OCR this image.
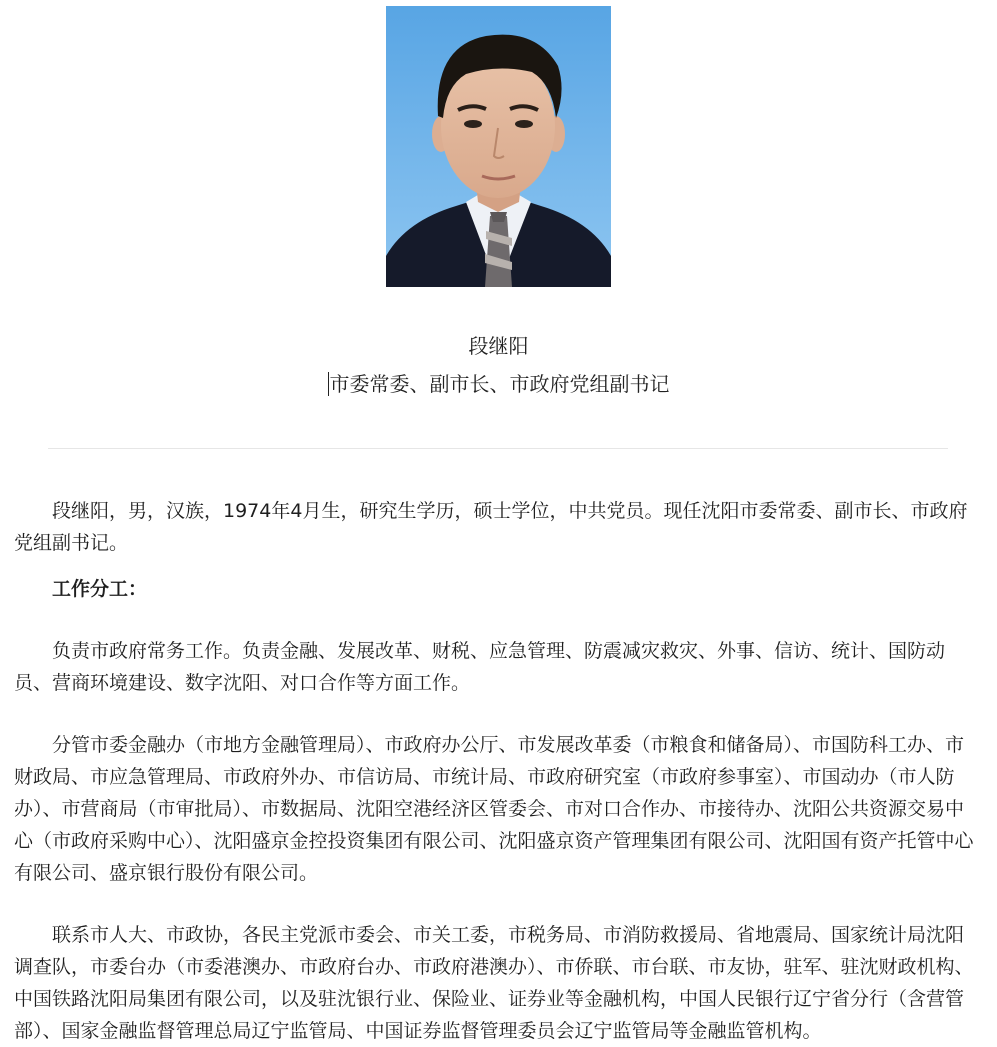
段继阳
市委常委、副市长、市政府党组副书记

段继阳，男，汉族，1974年4月生，研究生学历，硕士学位，中共党员。现任沈阳市委常委、副市长、市政府党组副书记。

工作分工：

负责市政府常务工作。负责金融、发展改革、财税、应急管理、防震减灾救灾、外事、信访、统计、国防动员、营商环境建设、数字沈阳、对口合作等方面工作。

分管市委金融办（市地方金融管理局）、市政府办公厅、市发展改革委（市粮食和储备局）、市国防科工办、市财政局、市应急管理局、市政府外办、市信访局、市统计局、市政府研究室（市政府参事室）、市国动办（市人防办）、市营商局（市审批局）、市数据局、沈阳空港经济区管委会、市对口合作办、市接待办、沈阳公共资源交易中心（市政府采购中心）、沈阳盛京金控投资集团有限公司、沈阳盛京资产管理集团有限公司、沈阳国有资产托管中心有限公司、盛京银行股份有限公司。

联系市人大、市政协，各民主党派市委会、市关工委，市税务局、市消防救援局、省地震局、国家统计局沈阳调查队，市委台办（市委港澳办、市政府台办、市政府港澳办）、市侨联、市台联、市友协，驻军、驻沈财政机构、中国铁路沈阳局集团有限公司，以及驻沈银行业、保险业、证券业等金融机构，中国人民银行辽宁省分行（含营管部）、国家金融监督管理总局辽宁监管局、中国证券监督管理委员会辽宁监管局等金融监管机构。
